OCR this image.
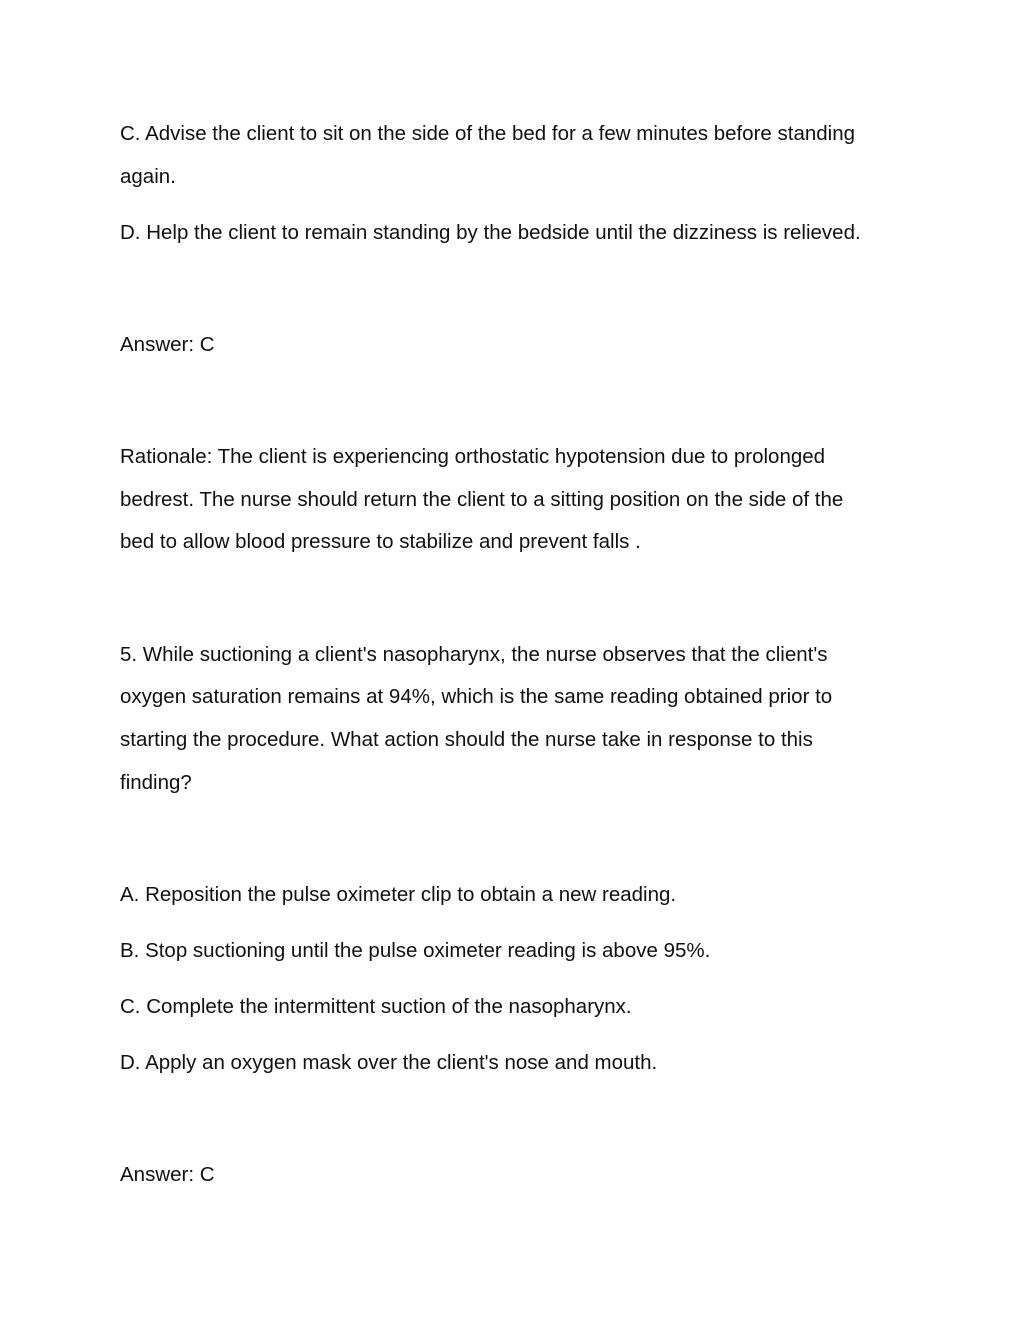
C. Advise the client to sit on the side of the bed for a few minutes before standing
again.
D. Help the client to remain standing by the bedside until the dizziness is relieved.
Answer: C
Rationale: The client is experiencing orthostatic hypotension due to prolonged
bedrest. The nurse should return the client to a sitting position on the side of the
bed to allow blood pressure to stabilize and prevent falls .
5. While suctioning a client's nasopharynx, the nurse observes that the client's
oxygen saturation remains at 94%, which is the same reading obtained prior to
starting the procedure. What action should the nurse take in response to this
finding?
A. Reposition the pulse oximeter clip to obtain a new reading.
B. Stop suctioning until the pulse oximeter reading is above 95%.
C. Complete the intermittent suction of the nasopharynx.
D. Apply an oxygen mask over the client's nose and mouth.
Answer: C
